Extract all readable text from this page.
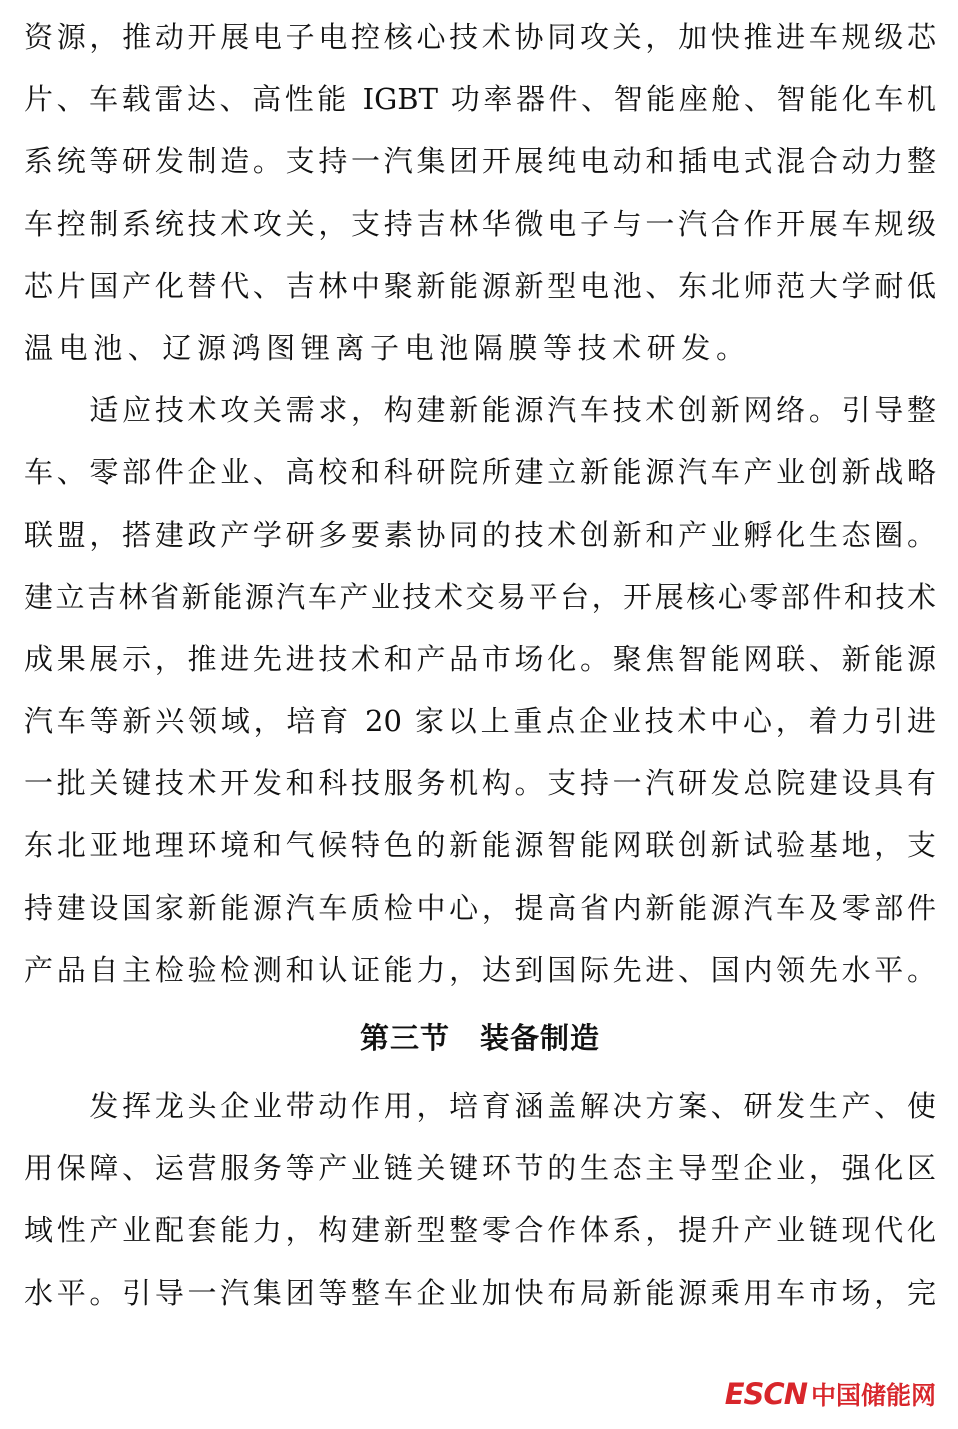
资源，推动开展电子电控核心技术协同攻关，加快推进车规级芯
片、车载雷达、高性能 IGBT 功率器件、智能座舱、智能化车机
系统等研发制造。支持一汽集团开展纯电动和插电式混合动力整
车控制系统技术攻关，支持吉林华微电子与一汽合作开展车规级
芯片国产化替代、吉林中聚新能源新型电池、东北师范大学耐低
温电池、辽源鸿图锂离子电池隔膜等技术研发。
　　适应技术攻关需求，构建新能源汽车技术创新网络。引导整
车、零部件企业、高校和科研院所建立新能源汽车产业创新战略
联盟，搭建政产学研多要素协同的技术创新和产业孵化生态圈。
建立吉林省新能源汽车产业技术交易平台，开展核心零部件和技术
成果展示，推进先进技术和产品市场化。聚焦智能网联、新能源
汽车等新兴领域，培育 20 家以上重点企业技术中心，着力引进
一批关键技术开发和科技服务机构。支持一汽研发总院建设具有
东北亚地理环境和气候特色的新能源智能网联创新试验基地，支
持建设国家新能源汽车质检中心，提高省内新能源汽车及零部件
产品自主检验检测和认证能力，达到国际先进、国内领先水平。
第三节　装备制造
　　发挥龙头企业带动作用，培育涵盖解决方案、研发生产、使
用保障、运营服务等产业链关键环节的生态主导型企业，强化区
域性产业配套能力，构建新型整零合作体系，提升产业链现代化
水平。引导一汽集团等整车企业加快布局新能源乘用车市场，完
ESCN 中国储能网
